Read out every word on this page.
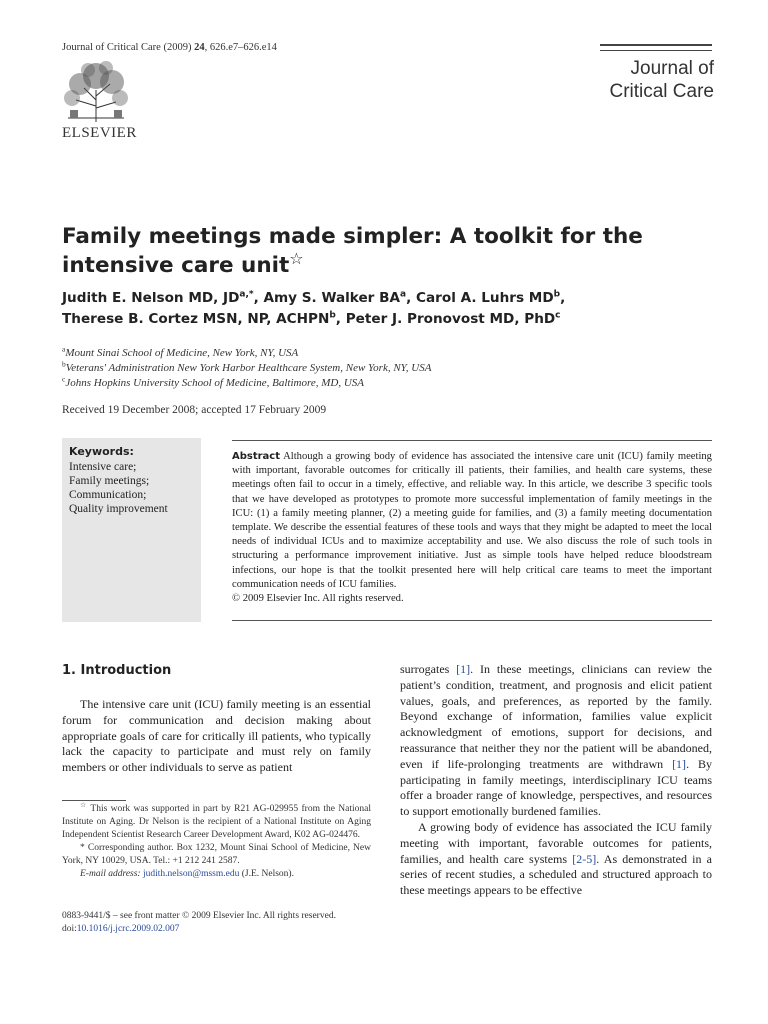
Journal of Critical Care (2009) 24, 626.e7–626.e14
ELSEVIER
Journal of
Critical Care
Family meetings made simpler: A toolkit for the intensive care unit☆
Judith E. Nelson MD, $JD^{a,*}$, Amy S. Walker $BA^a$, Carol A. Luhrs $MD^b$,
Therese B. Cortez MSN, NP, ACHPN$^b$, Peter J. Pronovost MD, PhD$^c$
$^a$Mount Sinai School of Medicine, New York, NY, USA
$^b$Veterans' Administration New York Harbor Healthcare System, New York, NY, USA
$^c$Johns Hopkins University School of Medicine, Baltimore, MD, USA
Received 19 December 2008; accepted 17 February 2009
Keywords:
Intensive care;
Family meetings;
Communication;
Quality improvement
Abstract Although a growing body of evidence has associated the intensive care unit (ICU) family meeting with important, favorable outcomes for critically ill patients, their families, and health care systems, these meetings often fail to occur in a timely, effective, and reliable way. In this article, we describe 3 specific tools that we have developed as prototypes to promote more successful implementation of family meetings in the ICU: (1) a family meeting planner, (2) a meeting guide for families, and (3) a family meeting documentation template. We describe the essential features of these tools and ways that they might be adapted to meet the local needs of individual ICUs and to maximize acceptability and use. We also discuss the role of such tools in structuring a performance improvement initiative. Just as simple tools have helped reduce bloodstream infections, our hope is that the toolkit presented here will help critical care teams to meet the important communication needs of ICU families.
© 2009 Elsevier Inc. All rights reserved.
1. Introduction

The intensive care unit (ICU) family meeting is an essential forum for communication and decision making about appropriate goals of care for critically ill patients, who typically lack the capacity to participate and must rely on family members or other individuals to serve as patient

☆ This work was supported in part by R21 AG-029955 from the National Institute on Aging. Dr Nelson is the recipient of a National Institute on Aging Independent Scientist Research Career Development Award, K02 AG-024476.

* Corresponding author. Box 1232, Mount Sinai School of Medicine, New York, NY 10029, USA. Tel.: +1 212 241 2587.

E-mail address: judith.nelson@mssm.edu (J.E. Nelson).

0883-9441/$ – see front matter © 2009 Elsevier Inc. All rights reserved.
doi:10.1016/j.jcrc.2009.02.007

surrogates [1]. In these meetings, clinicians can review the patient’s condition, treatment, and prognosis and elicit patient values, goals, and preferences, as reported by the family. Beyond exchange of information, families value explicit acknowledgment of emotions, support for decisions, and reassurance that neither they nor the patient will be abandoned, even if life-prolonging treatments are withdrawn [1]. By participating in family meetings, interdisciplinary ICU teams offer a broader range of knowledge, perspectives, and resources to support emotionally burdened families.

A growing body of evidence has associated the ICU family meeting with important, favorable outcomes for patients, families, and health care systems [2-5]. As demonstrated in a series of recent studies, a scheduled and structured approach to these meetings appears to be effective
